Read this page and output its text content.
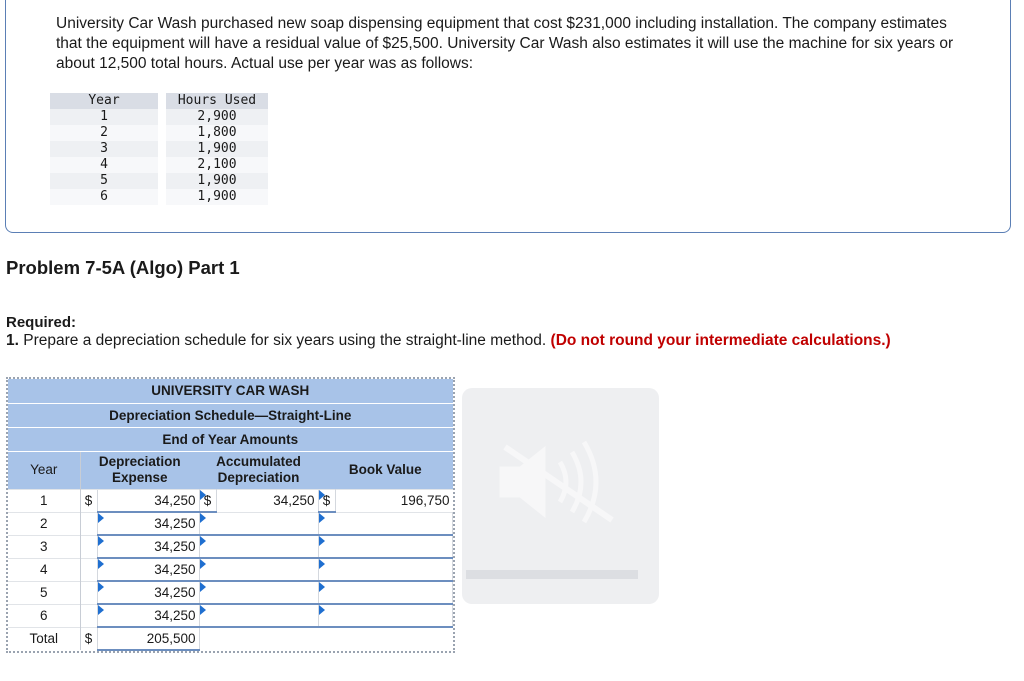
University Car Wash purchased new soap dispensing equipment that cost $231,000 including installation. The company estimates that the equipment will have a residual value of $25,500. University Car Wash also estimates it will use the machine for six years or about 12,500 total hours. Actual use per year was as follows:
Year		Hours Used
1		2,900
2		1,800
3		1,900
4		2,100
5		1,900
6		1,900
Problem 7-5A (Algo) Part 1
Required:
1. Prepare a depreciation schedule for six years using the straight-line method. (Do not round your intermediate calculations.)
UNIVERSITY CAR WASH						
Depreciation Schedule—Straight-Line						
End of Year Amounts						
Year	Depreciation Expense		Accumulated Depreciation		Book Value	
1	$	34,250	$	34,250	$	196,750
2		34,250			

3		34,250			

4		34,250			

5		34,250			

6		34,250			

Total	$	205,500				
